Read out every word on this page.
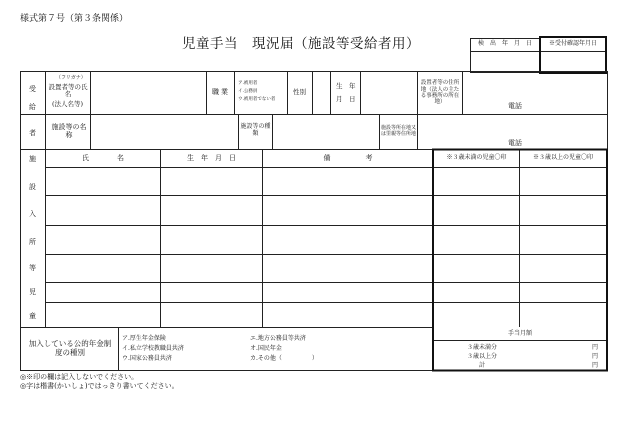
様式第７号（第３条関係）
児童手当　現況届（施設等受給者用）	検　出　年　月　日	※受付確認年月日
受
給
者
（フリガナ）
設置者等の氏名
(法人名等)
職業
ア.被用者
イ.公務員
ウ.被用者でない者
性別
生　年
月　日
設置者等の住所地（法人の主たる事務所の所在地）	電話
施設等の名称
施設等の種類
施設等所在地又は里親等住所地
電話
施
設
入
所
等
児
童
氏　　　　名	生　年　月　日	備　　　　　考	※３歳未満の児童〇印	※３歳以上の児童〇印
加入している公的年金制度の種別
ア.厚生年金保険
イ.私立学校教職員共済
ウ.国家公務員共済
エ.地方公務員等共済
オ.国民年金
カ.その他（　　　　　）
手当月額
３歳未満分	円
３歳以上分	円
計	円
◎※印の欄は記入しないでください。
◎字は楷書(かいしょ)ではっきり書いてください。
